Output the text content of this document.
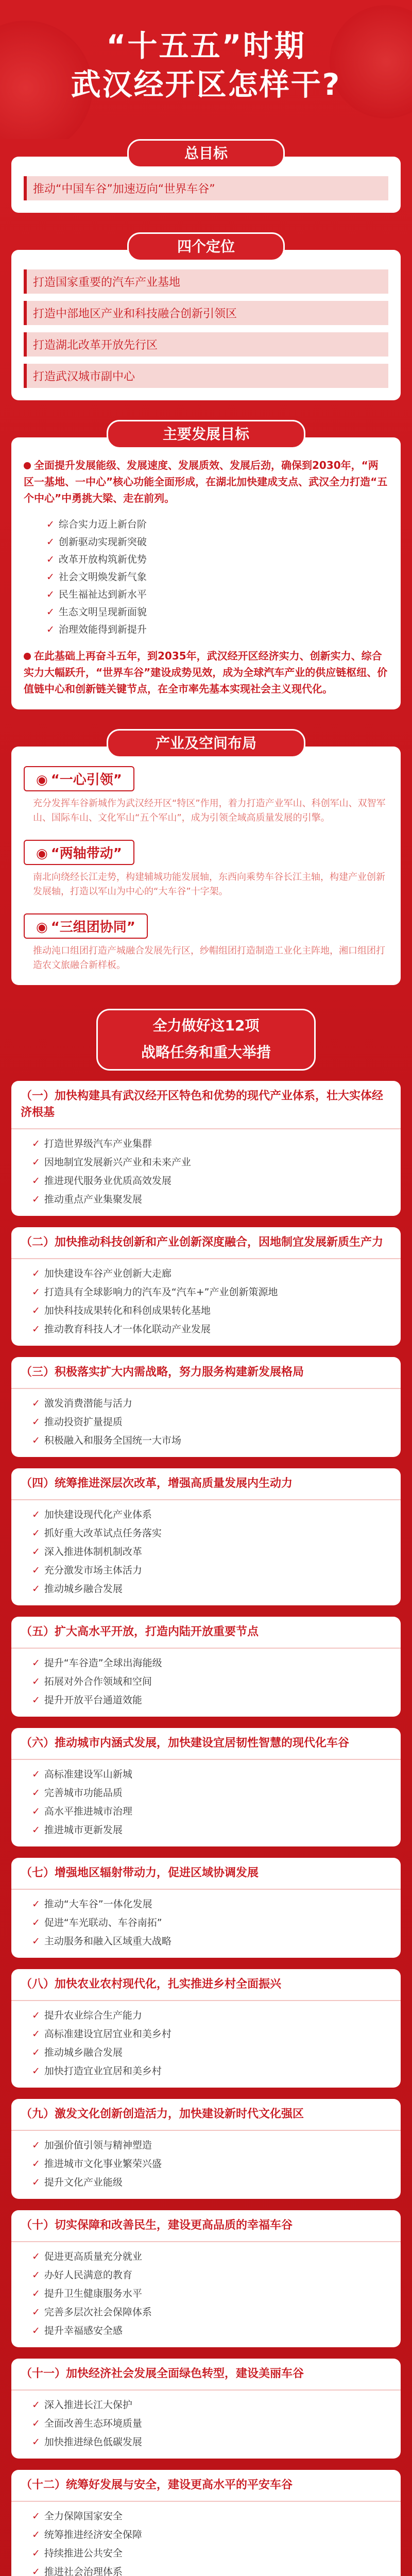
“十五五”时期
武汉经开区怎样干?
总目标
推动“中国车谷”加速迈向“世界车谷”
四个定位
打造国家重要的汽车产业基地
打造中部地区产业和科技融合创新引领区
打造湖北改革开放先行区
打造武汉城市副中心
主要发展目标
全面提升发展能级、发展速度、发展质效、发展后劲，确保到2030年，“两区一基地、一中心”核心功能全面形成，在湖北加快建成支点、武汉全力打造“五个中心”中勇挑大梁、走在前列。
✓ 综合实力迈上新台阶
✓ 创新驱动实现新突破
✓ 改革开放构筑新优势
✓ 社会文明焕发新气象
✓ 民生福祉达到新水平
✓ 生态文明呈现新面貌
✓ 治理效能得到新提升
在此基础上再奋斗五年，到2035年，武汉经开区经济实力、创新实力、综合实力大幅跃升，“世界车谷”建设成势见效，成为全球汽车产业的供应链枢纽、价值链中心和创新链关键节点，在全市率先基本实现社会主义现代化。
产业及空间布局
◉ “一心引领”
充分发挥车谷新城作为武汉经开区“特区”作用，着力打造产业军山、科创军山、双智军山、国际车山、文化军山“五个军山”，成为引领全域高质量发展的引擎。
◉ “两轴带动”
南北向绕经长江走势，构建辅城功能发展轴，东西向乘势车谷长江主轴，构建产业创新发展轴，打造以军山为中心的“大车谷”十字架。
◉ “三组团协同”
推动沌口组团打造产城融合发展先行区，纱帽组团打造制造工业化主阵地，湘口组团打造农文旅融合新样板。
全力做好这12项
战略任务和重大举措
（一）加快构建具有武汉经开区特色和优势的现代产业体系，壮大实体经济根基
✓ 打造世界级汽车产业集群
✓ 因地制宜发展新兴产业和未来产业
✓ 推进现代服务业优质高效发展
✓ 推动重点产业集聚发展
（二）加快推动科技创新和产业创新深度融合，因地制宜发展新质生产力
✓ 加快建设车谷产业创新大走廊
✓ 打造具有全球影响力的汽车及“汽车+”产业创新策源地
✓ 加快科技成果转化和科创成果转化基地
✓ 推动教育科技人才一体化联动产业发展
（三）积极落实扩大内需战略，努力服务构建新发展格局
✓ 激发消费潜能与活力
✓ 推动投资扩量提质
✓ 积极融入和服务全国统一大市场
（四）统筹推进深层次改革，增强高质量发展内生动力
✓ 加快建设现代化产业体系
✓ 抓好重大改革试点任务落实
✓ 深入推进体制机制改革
✓ 充分激发市场主体活力
✓ 推动城乡融合发展
（五）扩大高水平开放，打造内陆开放重要节点
✓ 提升“车谷造”全球出海能级
✓ 拓展对外合作领域和空间
✓ 提升开放平台通道效能
（六）推动城市内涵式发展，加快建设宜居韧性智慧的现代化车谷
✓ 高标准建设军山新城
✓ 完善城市功能品质
✓ 高水平推进城市治理
✓ 推进城市更新发展
（七）增强地区辐射带动力，促进区域协调发展
✓ 推动“大车谷”一体化发展
✓ 促进“车光联动、车谷南拓”
✓ 主动服务和融入区域重大战略
（八）加快农业农村现代化，扎实推进乡村全面振兴
✓ 提升农业综合生产能力
✓ 高标准建设宜居宜业和美乡村
✓ 推动城乡融合发展
✓ 加快打造宜业宜居和美乡村
（九）激发文化创新创造活力，加快建设新时代文化强区
✓ 加强价值引领与精神塑造
✓ 推进城市文化事业繁荣兴盛
✓ 提升文化产业能级
（十）切实保障和改善民生，建设更高品质的幸福车谷
✓ 促进更高质量充分就业
✓ 办好人民满意的教育
✓ 提升卫生健康服务水平
✓ 完善多层次社会保障体系
✓ 提升幸福感安全感
（十一）加快经济社会发展全面绿色转型，建设美丽车谷
✓ 深入推进长江大保护
✓ 全面改善生态环境质量
✓ 加快推进绿色低碳发展
（十二）统筹好发展与安全，建设更高水平的平安车谷
✓ 全力保障国家安全
✓ 统筹推进经济安全保障
✓ 持续推进公共安全
✓ 推进社会治理体系
